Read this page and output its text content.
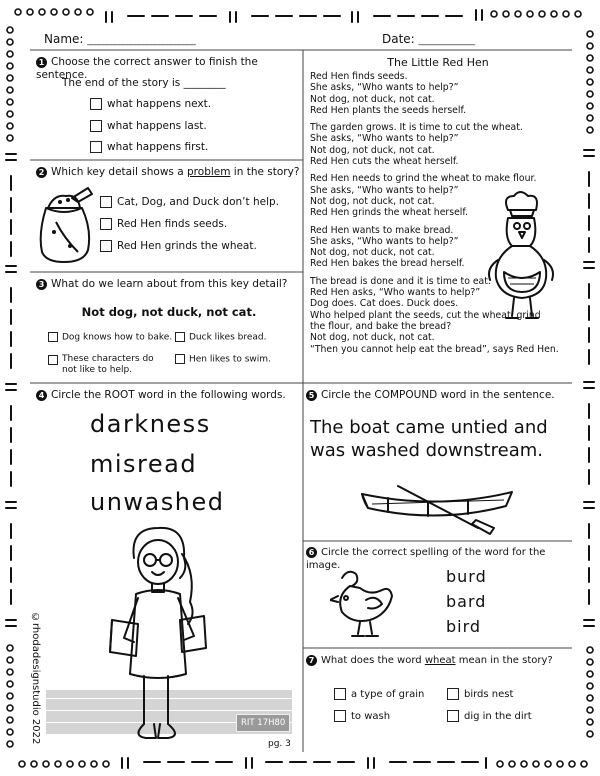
Name: ___________________________	Date: ______________
1 Choose the correct answer to finish the sentence.
The end of the story is ________
what happens next.
what happens last.
what happens first.
2 Which key detail shows a problem in the story?
Cat, Dog, and Duck don’t help.
Red Hen finds seeds.
Red Hen grinds the wheat.
3 What do we learn about from this key detail?
Not dog, not duck, not cat.
Dog knows how to bake.	Duck likes bread.
These characters do not like to help.
Hen likes to swim.
The Little Red Hen

Red Hen finds seeds.
She asks, “Who wants to help?”
Not dog, not duck, not cat.
Red Hen plants the seeds herself.

The garden grows. It is time to cut the wheat.
She asks, “Who wants to help?”
Not dog, not duck, not cat.
Red Hen cuts the wheat herself.

Red Hen needs to grind the wheat to make flour.
She asks, “Who wants to help?”
Not dog, not duck, not cat.
Red Hen grinds the wheat herself.

Red Hen wants to make bread.
She asks, “Who wants to help?”
Not dog, not duck, not cat.
Red Hen bakes the bread herself.

The bread is done and it is time to eat.
Red Hen asks, “Who wants to help?”
Dog does. Cat does. Duck does.
Who helped plant the seeds, cut the wheat, grind the flour, and bake the bread?
Not dog, not duck, not cat.
“Then you cannot help eat the bread”, says Red Hen.

4 Circle the ROOT word in the following words.
darkness
misread
unwashed
©rhodadesignstudio 2022	RIT 17H80
pg. 3
5 Circle the COMPOUND word in the sentence.
The boat came untied and was washed downstream.
6 Circle the correct spelling of the word for the image.
burd
bard
bird
7 What does the word wheat mean in the story?
a type of grain	birds nest
to wash	dig in the dirt
